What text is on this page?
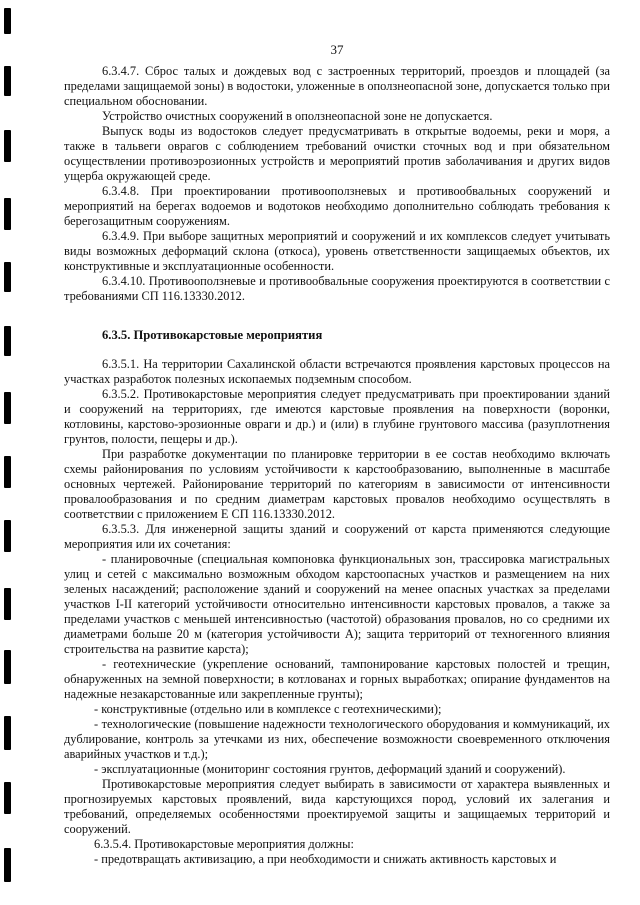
37

6.3.4.7. Сброс талых и дождевых вод с застроенных территорий, проездов и площадей (за пределами защищаемой зоны) в водостоки, уложенные в оползнеопасной зоне, допускается только при специальном обосновании.

Устройство очистных сооружений в оползнеопасной зоне не допускается.

Выпуск воды из водостоков следует предусматривать в открытые водоемы, реки и моря, а также в тальвеги оврагов с соблюдением требований очистки сточных вод и при обязательном осуществлении противоэрозионных устройств и мероприятий против заболачивания и других видов ущерба окружающей среде.

6.3.4.8. При проектировании противооползневых и противообвальных сооружений и мероприятий на берегах водоемов и водотоков необходимо дополнительно соблюдать требования к берегозащитным сооружениям.

6.3.4.9. При выборе защитных мероприятий и сооружений и их комплексов следует учитывать виды возможных деформаций склона (откоса), уровень ответственности защищаемых объектов, их конструктивные и эксплуатационные особенности.

6.3.4.10. Противооползневые и противообвальные сооружения проектируются в соответствии с требованиями СП 116.13330.2012.

6.3.5. Противокарстовые мероприятия

6.3.5.1. На территории Сахалинской области встречаются проявления карстовых процессов на участках разработок полезных ископаемых подземным способом.

6.3.5.2. Противокарстовые мероприятия следует предусматривать при проектировании зданий и сооружений на территориях, где имеются карстовые проявления на поверхности (воронки, котловины, карстово-эрозионные овраги и др.) и (или) в глубине грунтового массива (разуплотнения грунтов, полости, пещеры и др.).

При разработке документации по планировке территории в ее состав необходимо включать схемы районирования по условиям устойчивости к карстообразованию, выполненные в масштабе основных чертежей. Районирование территорий по категориям в зависимости от интенсивности провалообразования и по средним диаметрам карстовых провалов необходимо осуществлять в соответствии с приложением Е СП 116.13330.2012.

6.3.5.3. Для инженерной защиты зданий и сооружений от карста применяются следующие мероприятия или их сочетания:

- планировочные (специальная компоновка функциональных зон, трассировка магистральных улиц и сетей с максимально возможным обходом карстоопасных участков и размещением на них зеленых насаждений; расположение зданий и сооружений на менее опасных участках за пределами участков I-II категорий устойчивости относительно интенсивности карстовых провалов, а также за пределами участков с меньшей интенсивностью (частотой) образования провалов, но со средними их диаметрами больше 20 м (категория устойчивости А); защита территорий от техногенного влияния строительства на развитие карста);

- геотехнические (укрепление оснований, тампонирование карстовых полостей и трещин, обнаруженных на земной поверхности; в котлованах и горных выработках; опирание фундаментов на надежные незакарстованные или закрепленные грунты);

- конструктивные (отдельно или в комплексе с геотехническими);

- технологические (повышение надежности технологического оборудования и коммуникаций, их дублирование, контроль за утечками из них, обеспечение возможности своевременного отключения аварийных участков и т.д.);

- эксплуатационные (мониторинг состояния грунтов, деформаций зданий и сооружений).

Противокарстовые мероприятия следует выбирать в зависимости от характера выявленных и прогнозируемых карстовых проявлений, вида карстующихся пород, условий их залегания и требований, определяемых особенностями проектируемой защиты и защищаемых территорий и сооружений.

6.3.5.4. Противокарстовые мероприятия должны:

- предотвращать активизацию, а при необходимости и снижать активность карстовых и
